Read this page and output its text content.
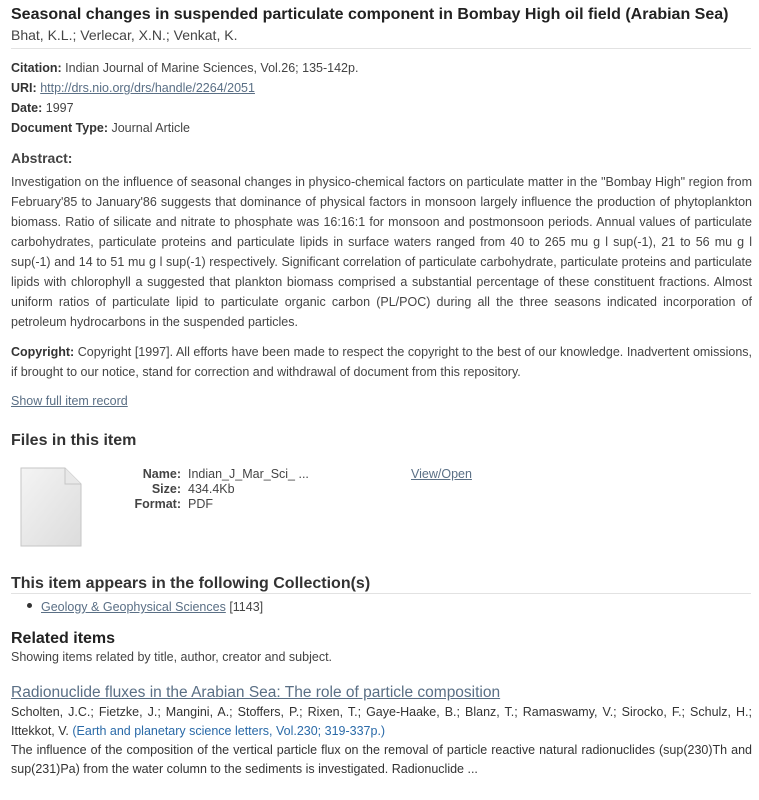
Seasonal changes in suspended particulate component in Bombay High oil field (Arabian Sea)
Bhat, K.L.; Verlecar, X.N.; Venkat, K.
Citation: Indian Journal of Marine Sciences, Vol.26; 135-142p.
URI: http://drs.nio.org/drs/handle/2264/2051
Date: 1997
Document Type: Journal Article
Abstract:

Investigation on the influence of seasonal changes in physico-chemical factors on particulate matter in the "Bombay High" region from February'85 to January'86 suggests that dominance of physical factors in monsoon largely influence the production of phytoplankton biomass. Ratio of silicate and nitrate to phosphate was 16:16:1 for monsoon and postmonsoon periods. Annual values of particulate carbohydrates, particulate proteins and particulate lipids in surface waters ranged from 40 to 265 mu g l sup(-1), 21 to 56 mu g l sup(-1) and 14 to 51 mu g l sup(-1) respectively. Significant correlation of particulate carbohydrate, particulate proteins and particulate lipids with chlorophyll a suggested that plankton biomass comprised a substantial percentage of these constituent fractions. Almost uniform ratios of particulate lipid to particulate organic carbon (PL/POC) during all the three seasons indicated incorporation of petroleum hydrocarbons in the suspended particles.

Copyright: Copyright [1997]. All efforts have been made to respect the copyright to the best of our knowledge. Inadvertent omissions, if brought to our notice, stand for correction and withdrawal of document from this repository.

Show full item record
Files in this item
Name: Indian_J_Mar_Sci_ ...
Size: 434.4Kb
Format: PDF
View/Open
This item appears in the following Collection(s)
Geology & Geophysical Sciences [1143]
Related items
Showing items related by title, author, creator and subject.
Radionuclide fluxes in the Arabian Sea: The role of particle composition

Scholten, J.C.; Fietzke, J.; Mangini, A.; Stoffers, P.; Rixen, T.; Gaye-Haake, B.; Blanz, T.; Ramaswamy, V.; Sirocko, F.; Schulz, H.; Ittekkot, V. (Earth and planetary science letters, Vol.230; 319-337p.)

The influence of the composition of the vertical particle flux on the removal of particle reactive natural radionuclides (sup(230)Th and sup(231)Pa) from the water column to the sediments is investigated. Radionuclide ...
